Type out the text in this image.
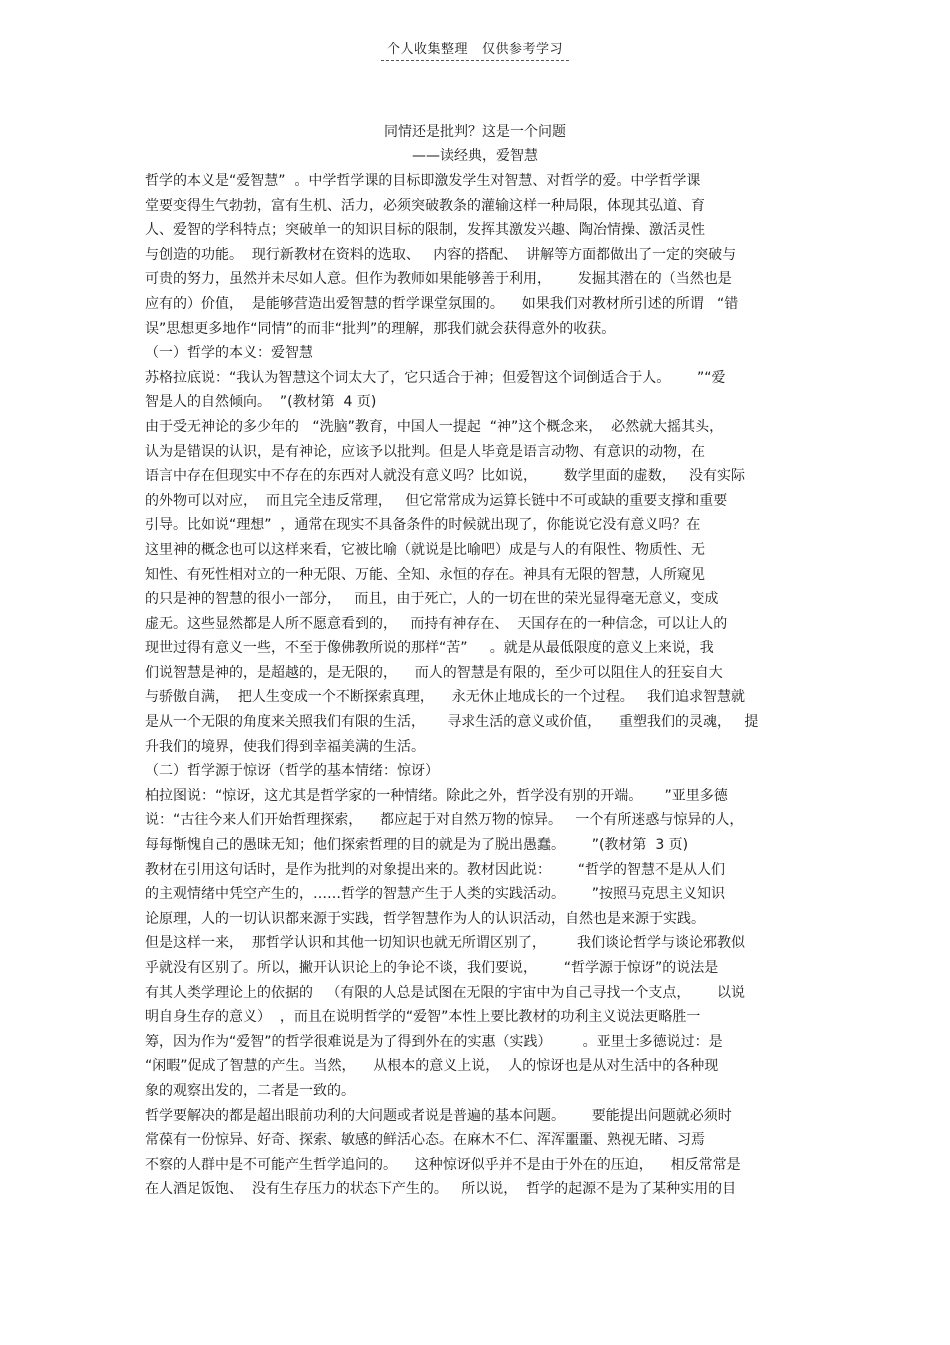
个人收集整理   仅供参考学习
同情还是批判？这是一个问题
——读经典，爱智慧
哲学的本义是“爱智慧”  。中学哲学课的目标即激发学生对智慧、对哲学的爱。中学哲学课
堂要变得生气勃勃，富有生机、活力，必须突破教条的灌输这样一种局限，体现其弘道、育
人、爱智的学科特点；突破单一的知识目标的限制，发挥其激发兴趣、陶冶情操、激活灵性
与创造的功能。  现行新教材在资料的选取、   内容的搭配、  讲解等方面都做出了一定的突破与
可贵的努力，虽然并未尽如人意。但作为教师如果能够善于利用，      发掘其潜在的（当然也是
应有的）价值，  是能够营造出爱智慧的哲学课堂氛围的。    如果我们对教材所引述的所谓   “错
误”思想更多地作“同情”的而非“批判”的理解，那我们就会获得意外的收获。
（一）哲学的本义：爱智慧
苏格拉底说：“我认为智慧这个词太大了，它只适合于神；但爱智这个词倒适合于人。      ”“爱
智是人的自然倾向。  ”(教材第  4 页)
由于受无神论的多少年的   “洗脑”教育，中国人一提起  “神”这个概念来，  必然就大摇其头，
认为是错误的认识，是有神论，应该予以批判。但是人毕竟是语言动物、有意识的动物，在
语言中存在但现实中不存在的东西对人就没有意义吗？比如说，      数学里面的虚数，   没有实际
的外物可以对应，  而且完全违反常理，   但它常常成为运算长链中不可或缺的重要支撑和重要
引导。比如说“理想”  ，通常在现实不具备条件的时候就出现了，你能说它没有意义吗？在
这里神的概念也可以这样来看，它被比喻（就说是比喻吧）成是与人的有限性、物质性、无
知性、有死性相对立的一种无限、万能、全知、永恒的存在。神具有无限的智慧，人所窥见
的只是神的智慧的很小一部分，   而且，由于死亡，人的一切在世的荣光显得毫无意义，变成
虚无。这些显然都是人所不愿意看到的，   而持有神存在、  天国存在的一种信念，可以让人的
现世过得有意义一些，不至于像佛教所说的那样“苦”     。就是从最低限度的意义上来说，我
们说智慧是神的，是超越的，是无限的，    而人的智慧是有限的，至少可以阻住人的狂妄自大
与骄傲自满，  把人生变成一个不断探索真理，    永无休止地成长的一个过程。   我们追求智慧就
是从一个无限的角度来关照我们有限的生活，     寻求生活的意义或价值，    重塑我们的灵魂，   提
升我们的境界，使我们得到幸福美满的生活。
（二）哲学源于惊讶（哲学的基本情绪：惊讶）
柏拉图说：“惊讶，这尤其是哲学家的一种情绪。除此之外，哲学没有别的开端。     ”亚里多德
说：“古往今来人们开始哲理探索，    都应起于对自然万物的惊异。   一个有所迷惑与惊异的人，
每每惭愧自己的愚昧无知；他们探索哲理的目的就是为了脱出愚蠢。      ”(教材第  3 页)
教材在引用这句话时，是作为批判的对象提出来的。教材因此说：      “哲学的智慧不是从人们
的主观情绪中凭空产生的，……哲学的智慧产生于人类的实践活动。      ”按照马克思主义知识
论原理，人的一切认识都来源于实践，哲学智慧作为人的认识活动，自然也是来源于实践。
但是这样一来，  那哲学认识和其他一切知识也就无所谓区别了，       我们谈论哲学与谈论邪教似
乎就没有区别了。所以，撇开认识论上的争论不谈，我们要说，      “哲学源于惊讶”的说法是
有其人类学理论上的依据的   （有限的人总是试图在无限的宇宙中为自己寻找一个支点，      以说
明自身生存的意义）  ，而且在说明哲学的“爱智”本性上要比教材的功利主义说法更略胜一
筹，因为作为“爱智”的哲学很难说是为了得到外在的实惠（实践）       。亚里士多德说过：是
“闲暇”促成了智慧的产生。当然，    从根本的意义上说，  人的惊讶也是从对生活中的各种现
象的观察出发的，二者是一致的。
哲学要解决的都是超出眼前功利的大问题或者说是普遍的基本问题。      要能提出问题就必须时
常葆有一份惊异、好奇、探索、敏感的鲜活心态。在麻木不仁、浑浑噩噩、熟视无睹、习焉
不察的人群中是不可能产生哲学追问的。    这种惊讶似乎并不是由于外在的压迫，    相反常常是
在人酒足饭饱、  没有生存压力的状态下产生的。   所以说，  哲学的起源不是为了某种实用的目
